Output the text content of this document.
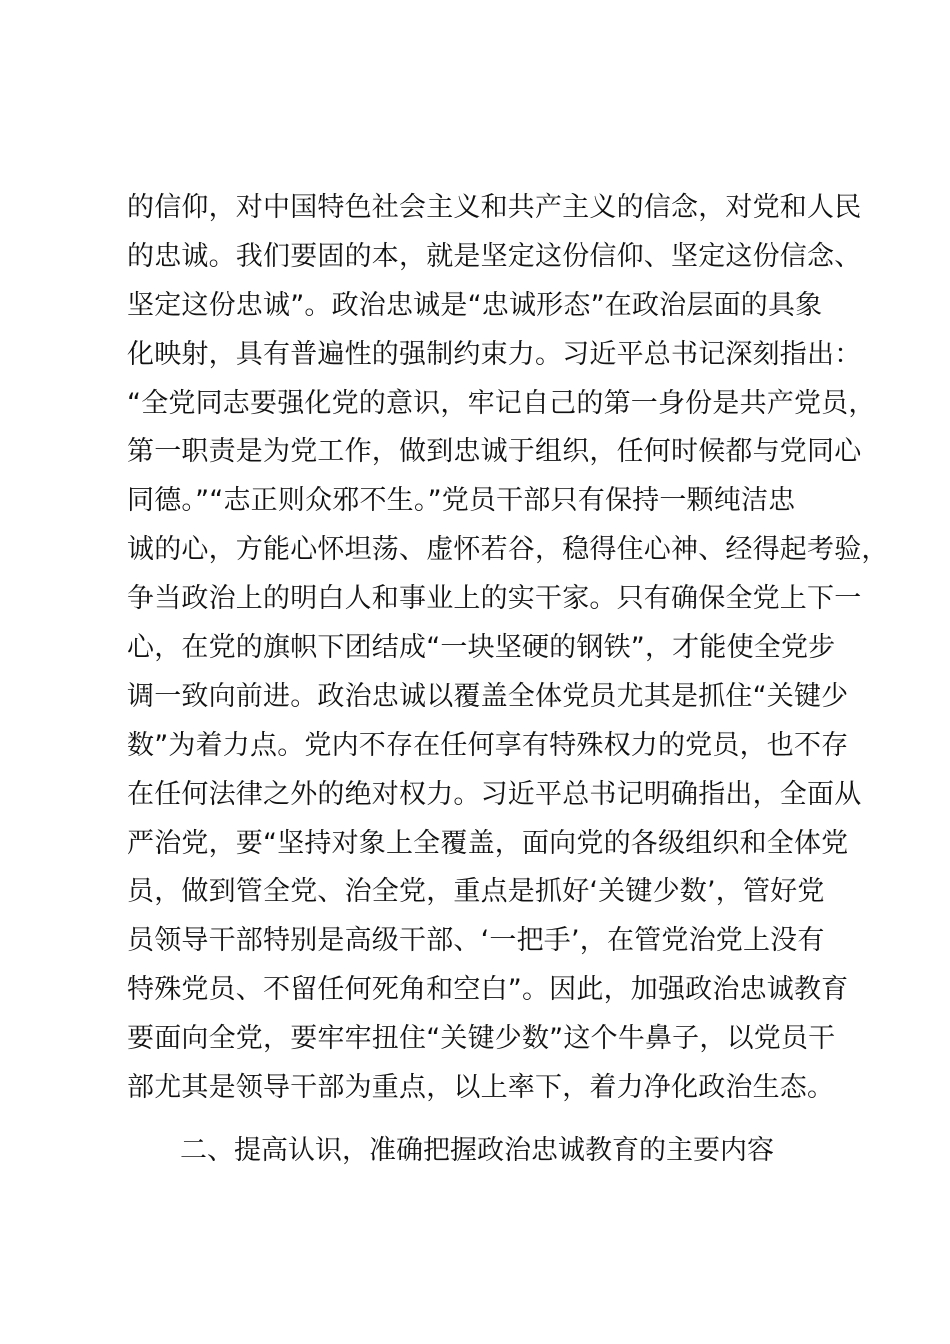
的信仰，对中国特色社会主义和共产主义的信念，对党和人民
的忠诚。我们要固的本，就是坚定这份信仰、坚定这份信念、
坚定这份忠诚”。政治忠诚是“忠诚形态”在政治层面的具象
化映射，具有普遍性的强制约束力。习近平总书记深刻指出：
“全党同志要强化党的意识，牢记自己的第一身份是共产党员，
第一职责是为党工作，做到忠诚于组织，任何时候都与党同心
同德。”“志正则众邪不生。”党员干部只有保持一颗纯洁忠
诚的心，方能心怀坦荡、虚怀若谷，稳得住心神、经得起考验，
争当政治上的明白人和事业上的实干家。只有确保全党上下一
心，在党的旗帜下团结成“一块坚硬的钢铁”，才能使全党步
调一致向前进。政治忠诚以覆盖全体党员尤其是抓住“关键少
数”为着力点。党内不存在任何享有特殊权力的党员，也不存
在任何法律之外的绝对权力。习近平总书记明确指出，全面从
严治党，要“坚持对象上全覆盖，面向党的各级组织和全体党
员，做到管全党、治全党，重点是抓好‘关键少数’，管好党
员领导干部特别是高级干部、‘一把手’，在管党治党上没有
特殊党员、不留任何死角和空白”。因此，加强政治忠诚教育
要面向全党，要牢牢扭住“关键少数”这个牛鼻子，以党员干
部尤其是领导干部为重点，以上率下，着力净化政治生态。
二、提高认识，准确把握政治忠诚教育的主要内容
